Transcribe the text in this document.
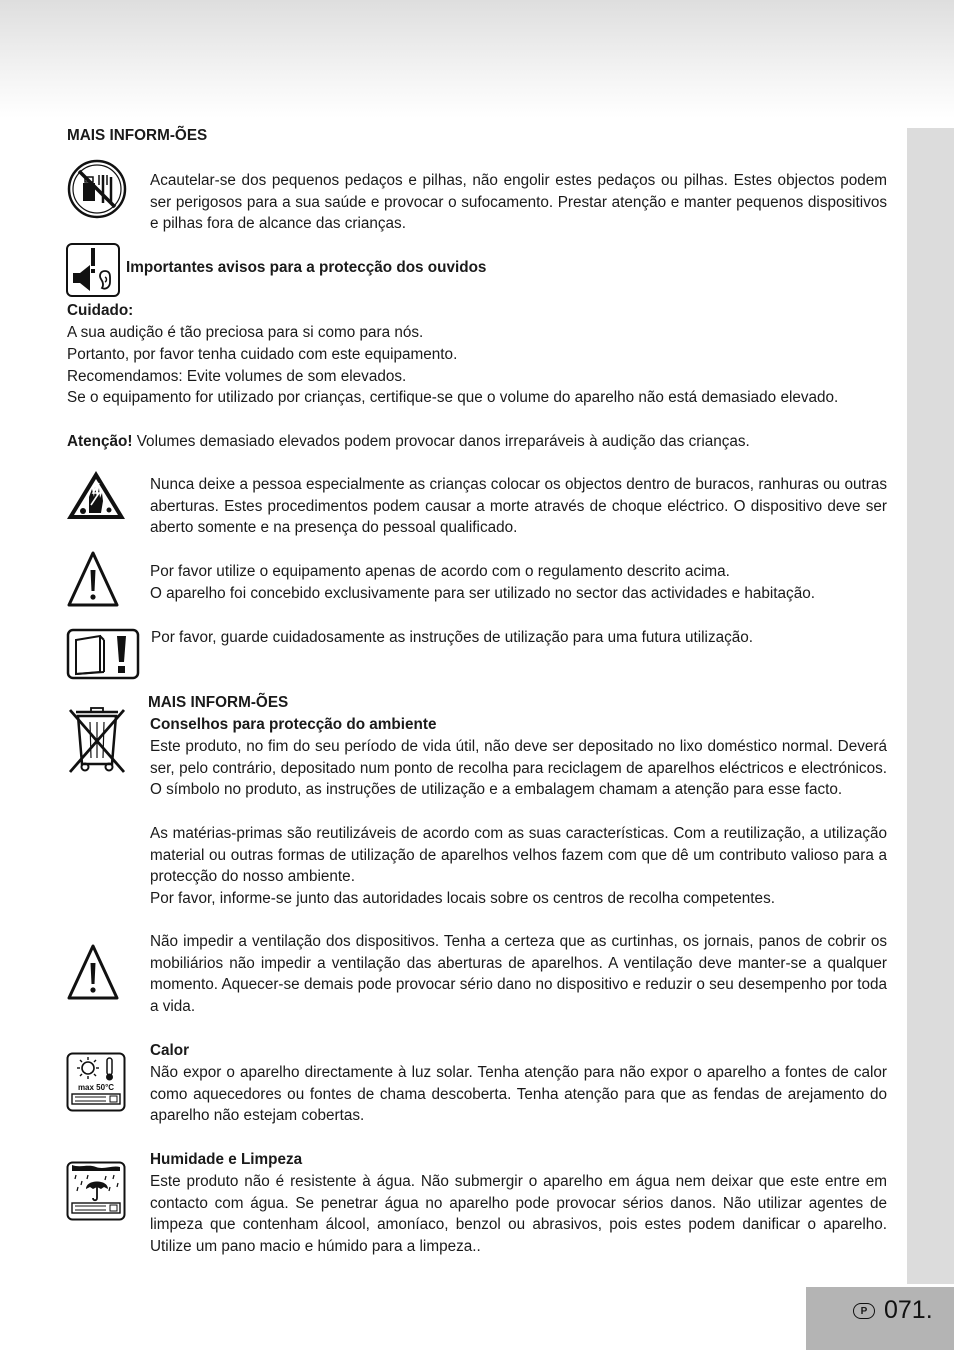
MAIS INFORM-ÕES
Acautelar-se dos pequenos pedaços e pilhas, não engolir estes pedaços ou pilhas. Estes objectos podem ser perigosos para a sua saúde e provocar o sufocamento. Prestar atenção e manter pequenos dispositivos e pilhas fora de alcance das crianças.
Importantes avisos para a protecção dos ouvidos
Cuidado:
A sua audição é tão preciosa para si como para nós.
Portanto, por favor tenha cuidado com este equipamento.
Recomendamos: Evite volumes de som elevados.
Se o equipamento for utilizado por crianças, certifique-se que o volume do aparelho não está demasiado elevado.
Atenção! Volumes demasiado elevados podem provocar danos irreparáveis à audição das crianças.
Nunca deixe a pessoa especialmente as crianças colocar os objectos dentro de buracos, ranhuras ou outras aberturas. Estes procedimentos podem causar a morte através de choque eléctrico. O dispositivo deve ser aberto somente e na presença do pessoal qualificado.
Por favor utilize o equipamento apenas de acordo com o regulamento descrito acima.
O aparelho foi concebido exclusivamente para ser utilizado no sector das actividades e habitação.
Por favor, guarde cuidadosamente as instruções de utilização para uma futura utilização.
MAIS INFORM-ÕES
Conselhos para protecção do ambiente
Este produto, no fim do seu período de vida útil, não deve ser depositado no lixo doméstico normal. Deverá ser, pelo contrário, depositado num ponto de recolha para reciclagem de aparelhos eléctricos e electrónicos. O símbolo no produto, as instruções de utilização e a embalagem chamam a atenção para esse facto.
As matérias-primas são reutilizáveis de acordo com as suas características. Com a reutilização, a utilização material ou outras formas de utilização de aparelhos velhos fazem com que dê um contributo valioso para a protecção do nosso ambiente.
Por favor, informe-se junto das autoridades locais sobre os centros de recolha competentes.
Não impedir a ventilação dos dispositivos. Tenha a certeza que as curtinhas, os jornais, panos de cobrir os mobiliários não impedir a ventilação das aberturas de aparelhos. A ventilação deve manter-se a qualquer momento. Aquecer-se demais pode provocar sério dano no dispositivo e reduzir o seu desempenho por toda a vida.
max 50°C
Calor
Não expor o aparelho directamente à luz solar. Tenha atenção para não expor o aparelho a fontes de calor como aquecedores ou fontes de chama descoberta. Tenha atenção para que as fendas de arejamento do aparelho não estejam cobertas.
Humidade e Limpeza
Este produto não é resistente à água. Não submergir o aparelho em água nem deixar que este entre em contacto com água. Se penetrar água no aparelho pode provocar sérios danos. Não utilizar agentes de limpeza que contenham álcool, amoníaco, benzol ou abrasivos, pois estes podem danificar o aparelho. Utilize um pano macio e húmido para a limpeza..
P 071.
